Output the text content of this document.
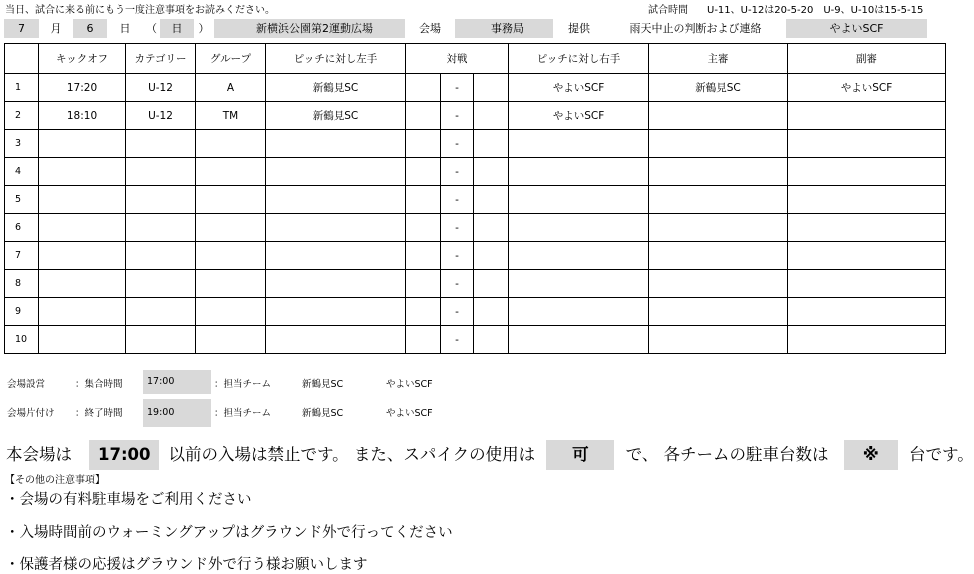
当日、試合に来る前にもう一度注意事項をお読みください。	試合時間 U-11、U-12は20-5-20　U-9、U-10は15-5-15
7	月	6	日	（	日	）	新横浜公園第2運動広場	会場	事務局	提供	雨天中止の判断および連絡	やよいSCF
	キックオフ	カテゴリー	グループ	ピッチに対し左手	対戦			ピッチに対し右手	主審	副審
1	17:20	U-12	A	新鶴見SC		-		やよいSCF	新鶴見SC	やよいSCF
2	18:10	U-12	TM	新鶴見SC		-		やよいSCF		
3						-				
4						-				
5						-				
6						-				
7						-				
8						-				
9						-				
10						-				
会場設営	：集合時間	17:00	：担当チーム	新鶴見SC	やよいSCF
会場片付け ：終了時間	19:00	：担当チーム	新鶴見SC	やよいSCF
本会場は 17:00 以前の入場は禁止です。 また、スパイクの使用は 可 で、 各チームの駐車台数は ※ 台です。
【その他の注意事項】
・会場の有料駐車場をご利用ください
・入場時間前のウォーミングアップはグラウンド外で行ってください
・保護者様の応援はグラウンド外で行う様お願いします
